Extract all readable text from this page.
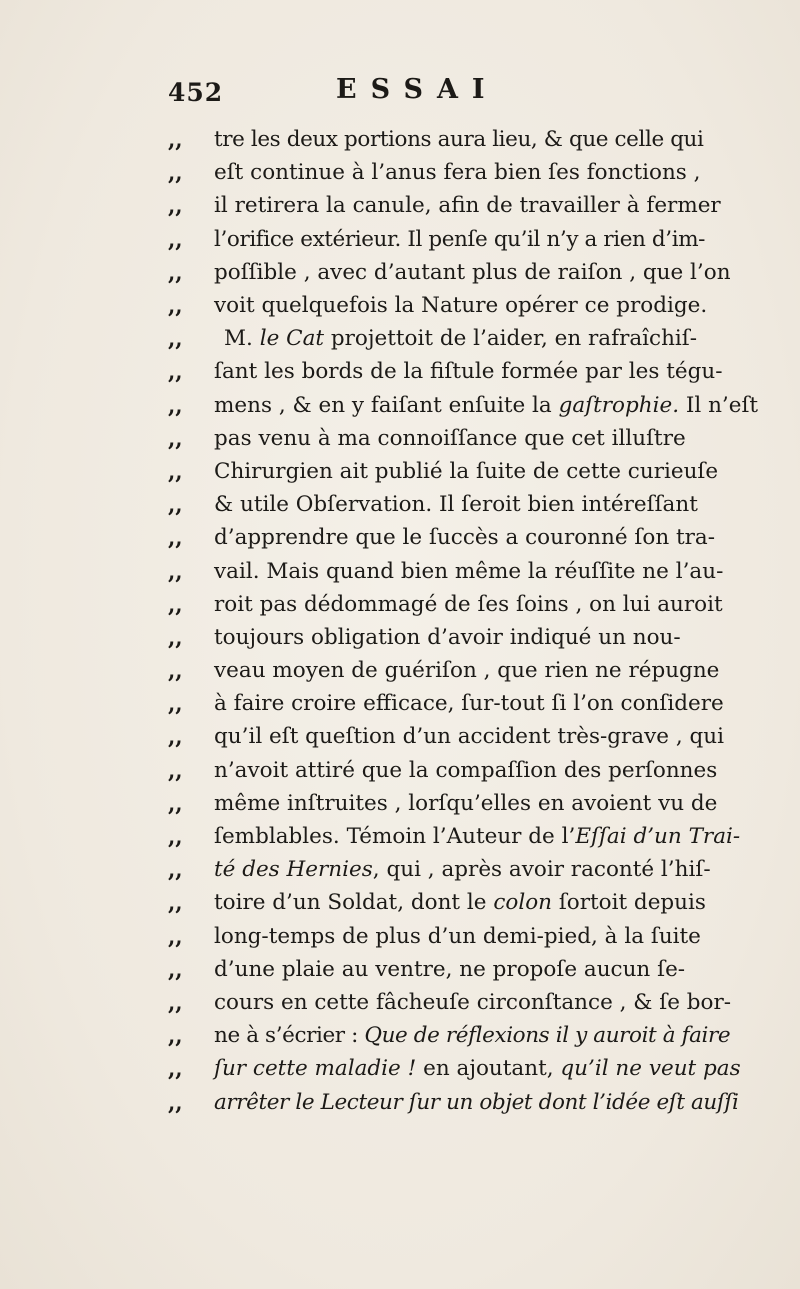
452	ESSAI
,,	tre les deux portions aura lieu, & que celle qui
,,	eſt continue à l’anus fera bien ſes fonctions ,
,,	il retirera la canule, afin de travailler à fermer
,,	l’orifice extérieur. Il penſe qu’il n’y a rien d’im-
,,	poſſible , avec d’autant plus de raiſon , que l’on
,,	voit quelquefois la Nature opérer ce prodige.
,,	M. le Cat projettoit de l’aider, en rafraîchiſ-
,,	ſant les bords de la fiſtule formée par les tégu-
,,	mens , & en y faiſant enſuite la gaſtrophie. Il n’eſt
,,	pas venu à ma connoiſſance que cet illuſtre
,,	Chirurgien ait publié la ſuite de cette curieuſe
,,	& utile Obſervation. Il ſeroit bien intéreſſant
,,	d’apprendre que le ſuccès a couronné ſon tra-
,,	vail. Mais quand bien même la réuſſite ne l’au-
,,	roit pas dédommagé de ſes ſoins , on lui auroit
,,	toujours obligation d’avoir indiqué un nou-
,,	veau moyen de guériſon , que rien ne répugne
,,	à faire croire efficace, ſur-tout ſi l’on conſidere
,,	qu’il eſt queſtion d’un accident très-grave , qui
,,	n’avoit attiré que la compaſſion des perſonnes
,,	même inſtruites , lorſqu’elles en avoient vu de
,,	ſemblables. Témoin l’Auteur de l’Eſſai d’un Trai-
,,	té des Hernies, qui , après avoir raconté l’hiſ-
,,	toire d’un Soldat, dont le colon ſortoit depuis
,,	long-temps de plus d’un demi-pied, à la ſuite
,,	d’une plaie au ventre, ne propoſe aucun ſe-
,,	cours en cette fâcheuſe circonſtance , & ſe bor-
,,	ne à s’écrier : Que de réflexions il y auroit à faire
,,	ſur cette maladie ! en ajoutant, qu’il ne veut pas
,,	arrêter le Lecteur ſur un objet dont l’idée eſt auſſi
